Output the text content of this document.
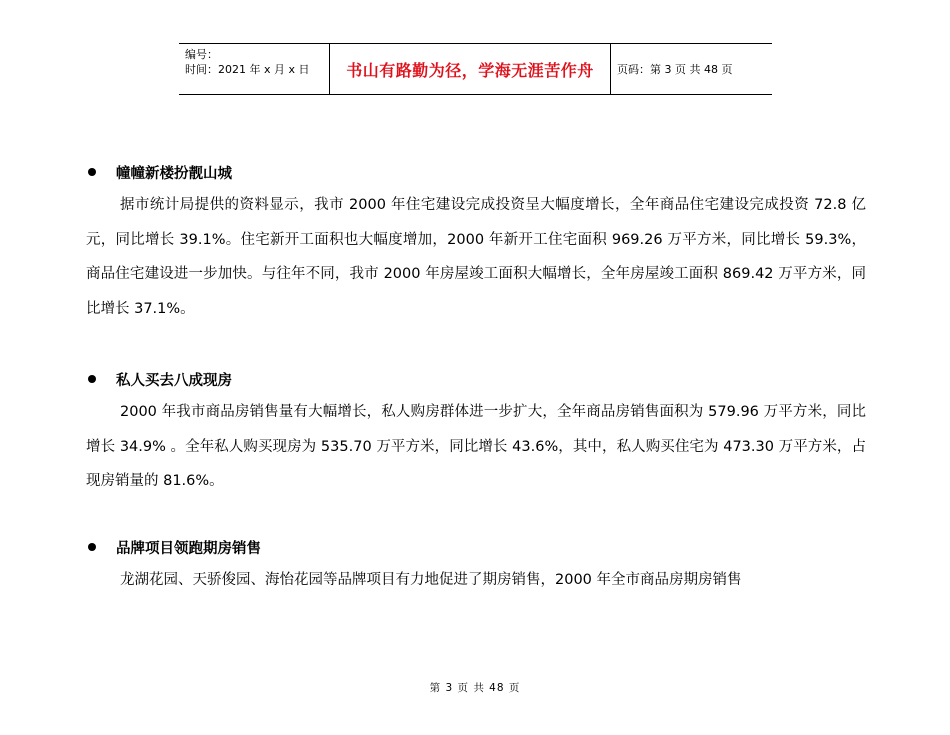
编号：
时间：2021 年 x 月 x 日	书山有路勤为径，学海无涯苦作舟	页码：第 3 页 共 48 页
幢幢新楼扮靓山城

据市统计局提供的资料显示，我市 2000 年住宅建设完成投资呈大幅度增长，全年商品住宅建设完成投资 72.8 亿元，同比增长 39.1%。住宅新开工面积也大幅度增加，2000 年新开工住宅面积 969.26 万平方米，同比增长 59.3%，商品住宅建设进一步加快。与往年不同，我市 2000 年房屋竣工面积大幅增长，全年房屋竣工面积 869.42 万平方米，同比增长 37.1%。

私人买去八成现房

2000 年我市商品房销售量有大幅增长，私人购房群体进一步扩大，全年商品房销售面积为 579.96 万平方米，同比增长 34.9% 。全年私人购买现房为 535.70 万平方米，同比增长 43.6%，其中，私人购买住宅为 473.30 万平方米，占现房销量的 81.6%。

品牌项目领跑期房销售

龙湖花园、天骄俊园、海怡花园等品牌项目有力地促进了期房销售，2000 年全市商品房期房销售

第 3 页 共 48 页
